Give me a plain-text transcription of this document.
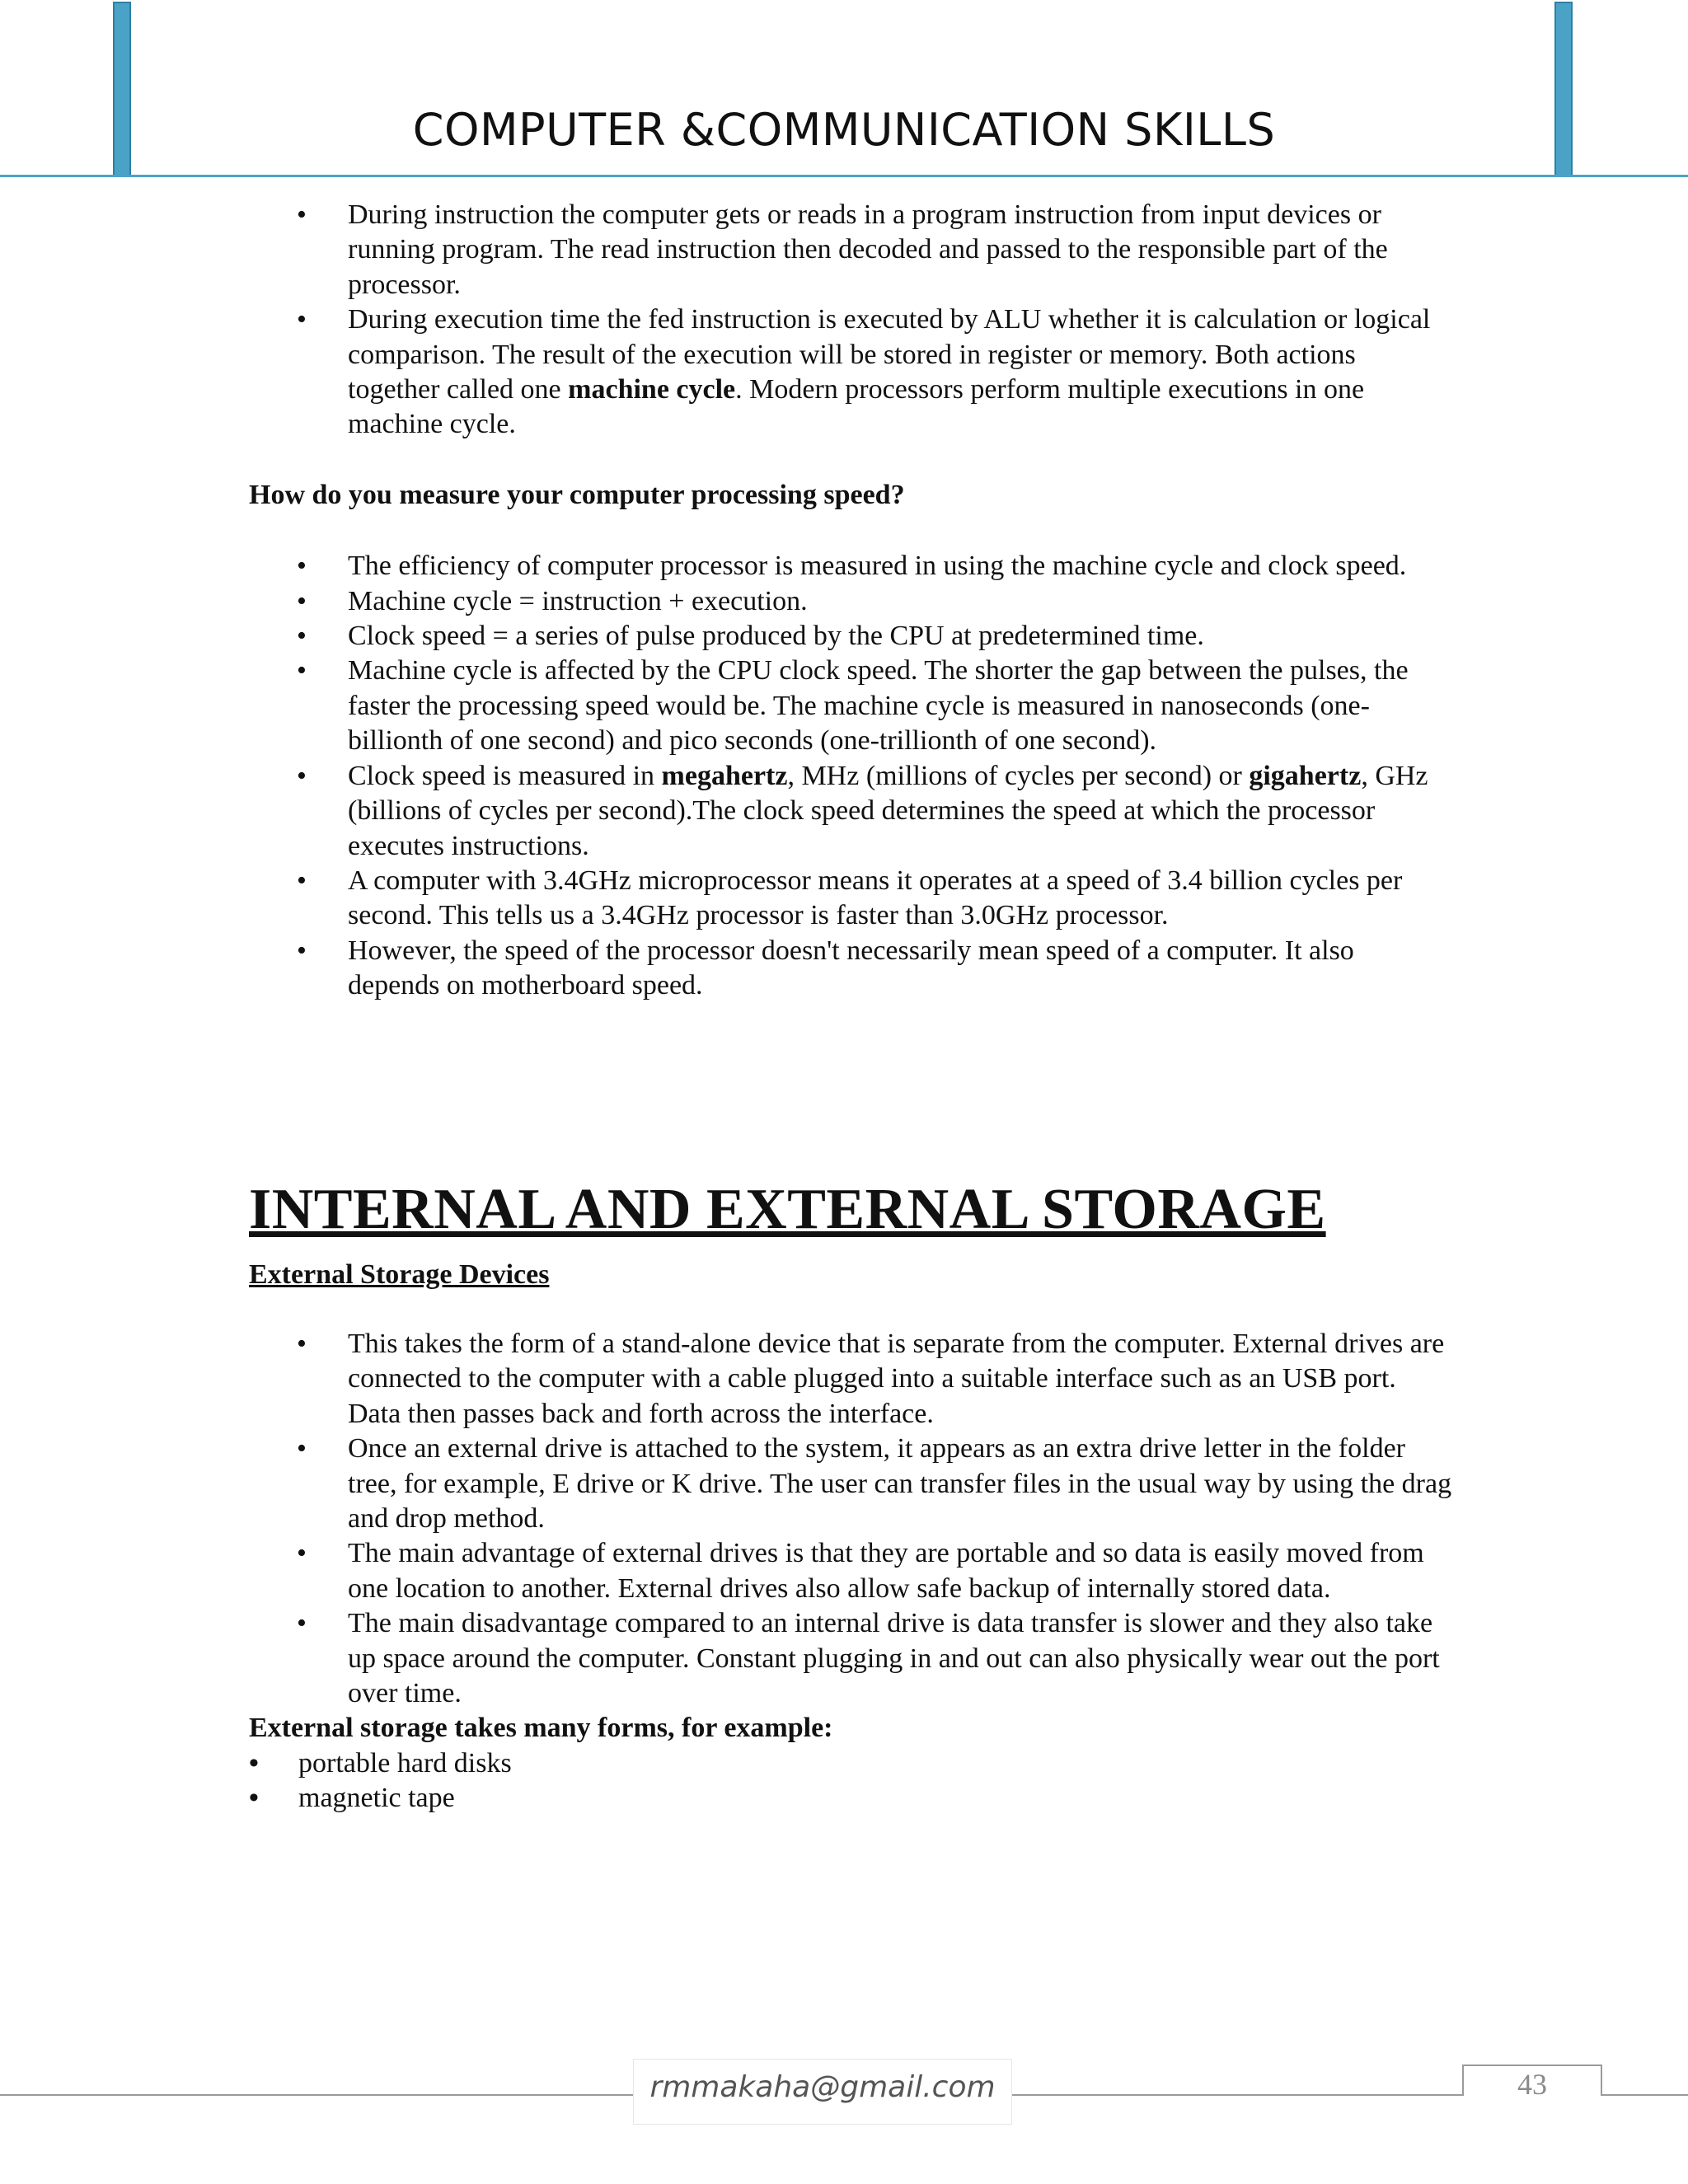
COMPUTER &COMMUNICATION SKILLS
• During instruction the computer gets or reads in a program instruction from input devices or running program. The read instruction then decoded and passed to the responsible part of the processor.
• During execution time the fed instruction is executed by ALU whether it is calculation or logical comparison. The result of the execution will be stored in register or memory. Both actions together called one machine cycle. Modern processors perform multiple executions in one machine cycle.

How do you measure your computer processing speed?

• The efficiency of computer processor is measured in using the machine cycle and clock speed.
• Machine cycle = instruction + execution.
• Clock speed = a series of pulse produced by the CPU at predetermined time.
• Machine cycle is affected by the CPU clock speed. The shorter the gap between the pulses, the faster the processing speed would be. The machine cycle is measured in nanoseconds (one-billionth of one second) and pico seconds (one-trillionth of one second).
• Clock speed is measured in megahertz, MHz (millions of cycles per second) or gigahertz, GHz (billions of cycles per second).The clock speed determines the speed at which the processor executes instructions.
• A computer with 3.4GHz microprocessor means it operates at a speed of 3.4 billion cycles per second. This tells us a 3.4GHz processor is faster than 3.0GHz processor.
• However, the speed of the processor doesn't necessarily mean speed of a computer. It also depends on motherboard speed.

INTERNAL AND EXTERNAL STORAGE

External Storage Devices

• This takes the form of a stand-alone device that is separate from the computer. External drives are connected to the computer with a cable plugged into a suitable interface such as an USB port. Data then passes back and forth across the interface.
• Once an external drive is attached to the system, it appears as an extra drive letter in the folder tree, for example, E drive or K drive. The user can transfer files in the usual way by using the drag and drop method.
• The main advantage of external drives is that they are portable and so data is easily moved from one location to another. External drives also allow safe backup of internally stored data.
• The main disadvantage compared to an internal drive is data transfer is slower and they also take up space around the computer. Constant plugging in and out can also physically wear out the port over time.

External storage takes many forms, for example:

• portable hard disks
• magnetic tape
rmmakaha@gmail.com	43
